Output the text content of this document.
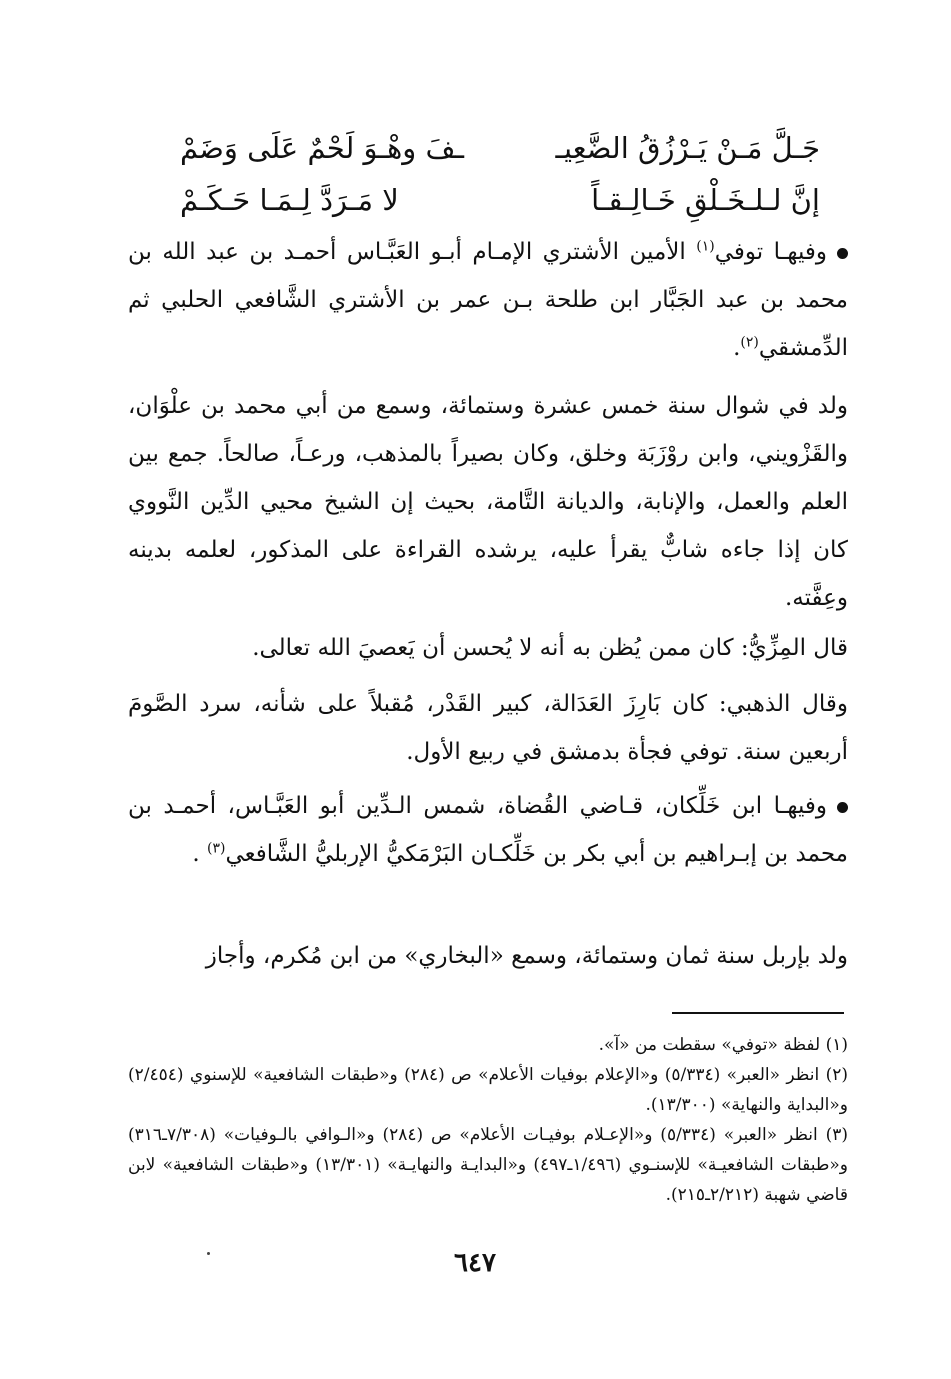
جَـلَّ مَـنْ يَـرْزُقُ الضَّعِيـ
ـفَ وهْـوَ لَحْمٌ عَلَى وَضَمْ
إنَّ لـلـخَـلْقِ خَـالِـقـاً
لا مَـرَدَّ لِـمَـا حَـكَـمْ

وفيهـا توفي$^{(١)}$ الأمين الأشتري الإمـام أبـو العَبَّـاس أحمـد بن عبد الله بن محمد بن عبد الجَبَّار ابن طلحة بـن عمر بن الأشتري الشَّافعي الحلبي ثم الدِّمشقي$^{(٢)}$.

ولد في شوال سنة خمس عشرة وستمائة، وسمع من أبي محمد بن علْوَان، والقَزْويني، وابن روْزَبَة وخلق، وكان بصيراً بالمذهب، ورعـاً، صالحاً. جمع بين العلم والعمل، والإنابة، والديانة التَّامة، بحيث إن الشيخ محيي الدِّين النَّووي كان إذا جاءه شابٌّ يقرأ عليه، يرشده القراءة على المذكور، لعلمه بدينه وعِفَّته.

قال المِزِّيُّ: كان ممن يُظن به أنه لا يُحسن أن يَعصيَ الله تعالى.

وقال الذهبي: كان بَارِزَ العَدَالة، كبير القَدْر، مُقبلاً على شأنه، سرد الصَّومَ أربعين سنة. توفي فجأة بدمشق في ربيع الأول.

وفيهـا ابن خَلِّكان، قـاضي القُضاة، شمس الـدِّين أبو العَبَّـاس، أحمـد بن محمد بن إبـراهيم بن أبي بكر بن خَلِّكـان البَرْمَكيُّ الإربليُّ الشَّافعي$^{(٣)}$ .

ولد بإربل سنة ثمان وستمائة، وسمع «البخاري» من ابن مُكرم، وأجاز

(١) لفظة «توفي» سقطت من «آ».

(٢) انظر «العبر» (٥/٣٣٤) و«الإعلام بوفيات الأعلام» ص (٢٨٤) و«طبقات الشافعية» للإسنوي (٢/٤٥٤) و«البداية والنهاية» (١٣/٣٠٠).

(٣) انظر «العبر» (٥/٣٣٤) و«الإعـلام بوفيـات الأعلام» ص (٢٨٤) و«الـوافي بالـوفيات» (٧/٣٠٨ـ٣١٦) و«طبقات الشافعيـة» للإسنـوي (١/٤٩٦ـ٤٩٧) و«البدايـة والنهايـة» (١٣/٣٠١) و«طبقات الشافعية» لابن قاضي شهبة (٢/٢١٢ـ٢١٥).

٦٤٧
